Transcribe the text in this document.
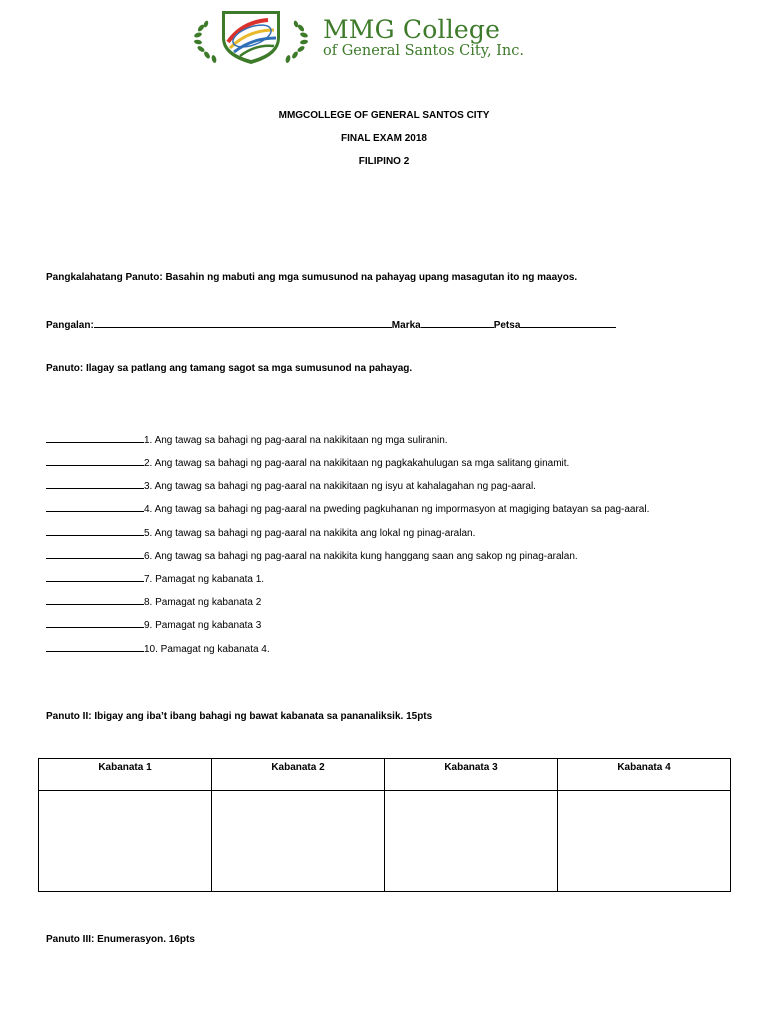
MMG College
of General Santos City, Inc.
MMGCOLLEGE OF GENERAL SANTOS CITY
FINAL EXAM 2018
FILIPINO 2
Pangkalahatang Panuto: Basahin ng mabuti ang mga sumusunod na pahayag upang masagutan ito ng maayos.
Pangalan:	Marka	Petsa
Panuto: Ilagay sa patlang ang tamang sagot sa mga sumusunod na pahayag.
1. Ang tawag sa bahagi ng pag-aaral na nakikitaan ng mga suliranin.
2. Ang tawag sa bahagi ng pag-aaral na nakikitaan ng pagkakahulugan sa mga salitang ginamit.
3. Ang tawag sa bahagi ng pag-aaral na nakikitaan ng isyu at kahalagahan ng pag-aaral.
4. Ang tawag sa bahagi ng pag-aaral na pweding pagkuhanan ng impormasyon at magiging batayan sa pag-aaral.
5. Ang tawag sa bahagi ng pag-aaral na nakikita ang lokal ng pinag-aralan.
6. Ang tawag sa bahagi ng pag-aaral na nakikita kung hanggang saan ang sakop ng pinag-aralan.
7. Pamagat ng kabanata 1.
8. Pamagat ng kabanata 2
9. Pamagat ng kabanata 3
10. Pamagat ng kabanata 4.
Panuto II: Ibigay ang iba’t ibang bahagi ng bawat kabanata sa pananaliksik. 15pts
Kabanata 1	Kabanata 2	Kabanata 3	Kabanata 4

Panuto III: Enumerasyon. 16pts
